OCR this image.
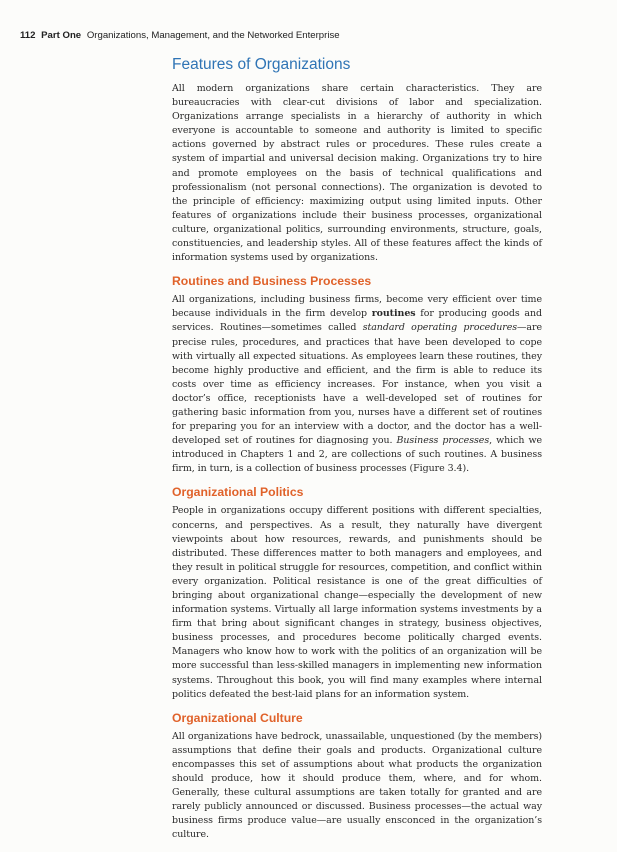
112 Part One Organizations, Management, and the Networked Enterprise
Features of Organizations

All modern organizations share certain characteristics. They are bureaucracies with clear-cut divisions of labor and specialization. Organizations arrange specialists in a hierarchy of authority in which everyone is accountable to someone and authority is limited to specific actions governed by abstract rules or procedures. These rules create a system of impartial and universal decision making. Organizations try to hire and promote employees on the basis of technical qualifications and professionalism (not personal connections). The organization is devoted to the principle of efficiency: maximizing output using limited inputs. Other features of organizations include their business processes, organizational culture, organizational politics, surrounding environments, structure, goals, constituencies, and leadership styles. All of these features affect the kinds of information systems used by organizations.

Routines and Business Processes

All organizations, including business firms, become very efficient over time because individuals in the firm develop routines for producing goods and services. Routines—sometimes called standard operating procedures—are precise rules, procedures, and practices that have been developed to cope with virtually all expected situations. As employees learn these routines, they become highly productive and efficient, and the firm is able to reduce its costs over time as efficiency increases. For instance, when you visit a doctor’s office, receptionists have a well-developed set of routines for gathering basic information from you, nurses have a different set of routines for preparing you for an interview with a doctor, and the doctor has a well-developed set of routines for diagnosing you. Business processes, which we introduced in Chapters 1 and 2, are collections of such routines. A business firm, in turn, is a collection of business processes (Figure 3.4).

Organizational Politics

People in organizations occupy different positions with different specialties, concerns, and perspectives. As a result, they naturally have divergent viewpoints about how resources, rewards, and punishments should be distributed. These differences matter to both managers and employees, and they result in political struggle for resources, competition, and conflict within every organization. Political resistance is one of the great difficulties of bringing about organizational change—especially the development of new information systems. Virtually all large information systems investments by a firm that bring about significant changes in strategy, business objectives, business processes, and procedures become politically charged events. Managers who know how to work with the politics of an organization will be more successful than less-skilled managers in implementing new information systems. Throughout this book, you will find many examples where internal politics defeated the best-laid plans for an information system.

Organizational Culture

All organizations have bedrock, unassailable, unquestioned (by the members) assumptions that define their goals and products. Organizational culture encompasses this set of assumptions about what products the organization should produce, how it should produce them, where, and for whom. Generally, these cultural assumptions are taken totally for granted and are rarely publicly announced or discussed. Business processes—the actual way business firms produce value—are usually ensconced in the organization’s culture.
